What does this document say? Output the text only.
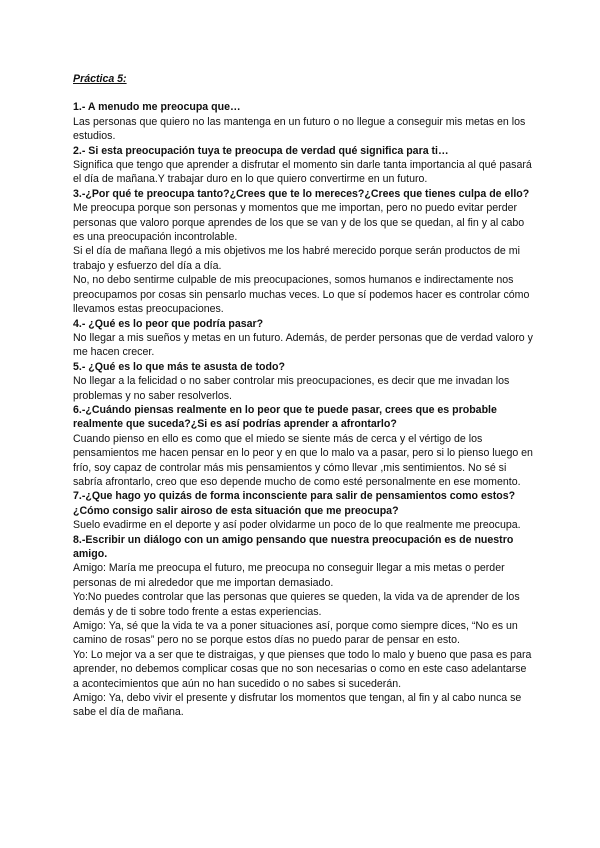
Práctica 5:

1.- A menudo me preocupa que…

Las personas que quiero no las mantenga en un futuro o no llegue a conseguir mis metas en los estudios.

2.- Si esta preocupación tuya te preocupa de verdad qué significa para ti…

Significa que tengo que aprender a disfrutar el momento sin darle tanta importancia al qué pasará el día de mañana.Y trabajar duro en lo que quiero convertirme en un futuro.

3.-¿Por qué te preocupa tanto?¿Crees que te lo mereces?¿Crees que tienes culpa de ello?

Me preocupa porque son personas y momentos que me importan, pero no puedo evitar perder personas que valoro porque aprendes de los que se van y de los que se quedan, al fin y al cabo es una preocupación incontrolable.

Si el día de mañana llegó a mis objetivos me los habré merecido porque serán productos de mi trabajo y esfuerzo del día a día.

No, no debo sentirme culpable de mis preocupaciones, somos humanos e indirectamente nos preocupamos por cosas sin pensarlo muchas veces. Lo que sí podemos hacer es controlar cómo llevamos estas preocupaciones.

4.- ¿Qué es lo peor que podría pasar?

No llegar a mis sueños y metas en un futuro. Además, de perder personas que de verdad valoro y me hacen crecer.

5.- ¿Qué es lo que más te asusta de todo?

No llegar a la felicidad o no saber controlar mis preocupaciones, es decir que me invadan los problemas y no saber resolverlos.

6.-¿Cuándo piensas realmente en lo peor que te puede pasar, crees que es probable realmente que suceda?¿Si es así podrías aprender a afrontarlo?

Cuando pienso en ello es como que el miedo se siente más de cerca y el vértigo de los pensamientos me hacen pensar en lo peor y en que lo malo va a pasar, pero si lo pienso luego en frío, soy capaz de controlar más mis pensamientos y cómo llevar ,mis sentimientos. No sé si sabría afrontarlo, creo que eso depende mucho de como esté personalmente en ese momento.

7.-¿Que hago yo quizás de forma inconsciente para salir de pensamientos como estos?¿Cómo consigo salir airoso de esta situación que me preocupa?

Suelo evadirme en el deporte y así poder olvidarme un poco de lo que realmente me preocupa.

8.-Escribir un diálogo con un amigo pensando que nuestra preocupación es de nuestro amigo.

Amigo: María me preocupa el futuro, me preocupa no conseguir llegar a mis metas o perder personas de mi alrededor que me importan demasiado.

Yo:No puedes controlar que las personas que quieres se queden, la vida va de aprender de los demás y de ti sobre todo frente a estas experiencias.

Amigo: Ya, sé que la vida te va a poner situaciones así, porque como siempre dices, “No es un camino de rosas” pero no se porque estos días no puedo parar de pensar en esto.

Yo: Lo mejor va a ser que te distraigas, y que pienses que todo lo malo y bueno que pasa es para aprender, no debemos complicar cosas que no son necesarias o como en este caso adelantarse a acontecimientos que aún no han sucedido o no sabes si sucederán.

Amigo: Ya, debo vivir el presente y disfrutar los momentos que tengan, al fin y al cabo nunca se sabe el día de mañana.
